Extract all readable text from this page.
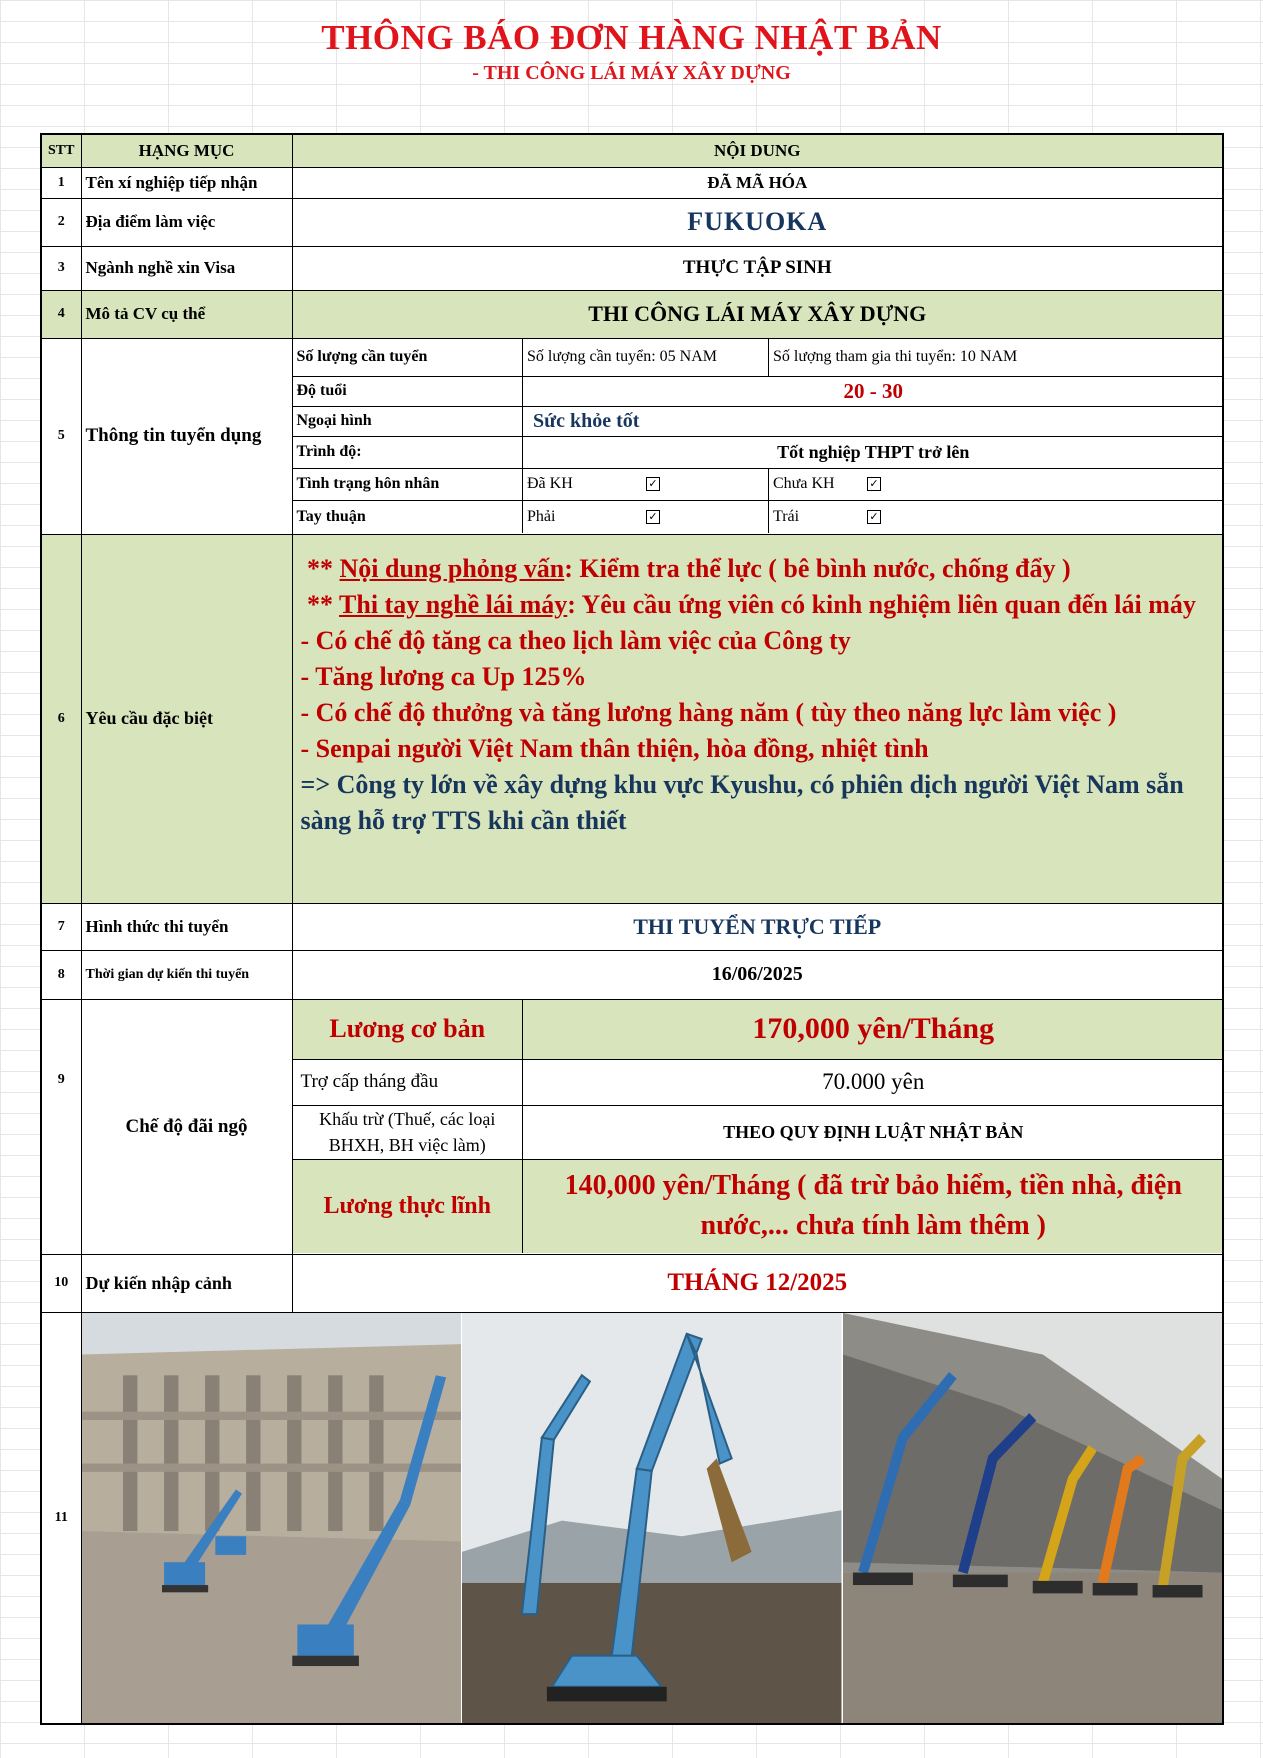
THÔNG BÁO ĐƠN HÀNG NHẬT BẢN
- THI CÔNG LÁI MÁY XÂY DỰNG
STT	HẠNG MỤC	NỘI DUNG
1	Tên xí nghiệp tiếp nhận	ĐÃ MÃ HÓA
2	Địa điểm làm việc	FUKUOKA
3	Ngành nghề xin Visa	THỰC TẬP SINH
4	Mô tả CV cụ thể	THI CÔNG LÁI MÁY XÂY DỰNG
5	Thông tin tuyển dụng	
Số lượng cần tuyển	Số lượng cần tuyển: 05 NAM	Số lượng tham gia thi tuyển: 10 NAM
Độ tuổi	20 - 30
Ngoại hình	Sức khỏe tốt
Trình độ:	Tốt nghiệp THPT trở lên
Tình trạng hôn nhân	Đã KH	✓	Chưa KH	✓
Tay thuận	Phải	✓	Trái	✓

6	Yêu cầu đặc biệt	
** Nội dung phỏng vấn: Kiểm tra thể lực ( bê bình nước, chống đẩy )
** Thi tay nghề lái máy: Yêu cầu ứng viên có kinh nghiệm liên quan đến lái máy
- Có chế độ tăng ca theo lịch làm việc của Công ty
- Tăng lương ca Up 125%
- Có chế độ thưởng và tăng lương hàng năm ( tùy theo năng lực làm việc )
- Senpai người Việt Nam thân thiện, hòa đồng, nhiệt tình
=> Công ty lớn về xây dựng khu vực Kyushu, có phiên dịch người Việt Nam sẵn sàng hỗ trợ TTS khi cần thiết

7	Hình thức thi tuyển	THI TUYỂN TRỰC TIẾP
8	Thời gian dự kiến thi tuyển	16/06/2025
9	Chế độ đãi ngộ	
Lương cơ bản	170,000 yên/Tháng
Trợ cấp tháng đầu	70.000 yên
Khấu trừ (Thuế, các loại BHXH, BH việc làm)	THEO QUY ĐỊNH LUẬT NHẬT BẢN
Lương thực lĩnh	140,000 yên/Tháng ( đã trừ bảo hiểm, tiền nhà, điện nước,... chưa tính làm thêm )

10	Dự kiến nhập cảnh	THÁNG 12/2025
11	
